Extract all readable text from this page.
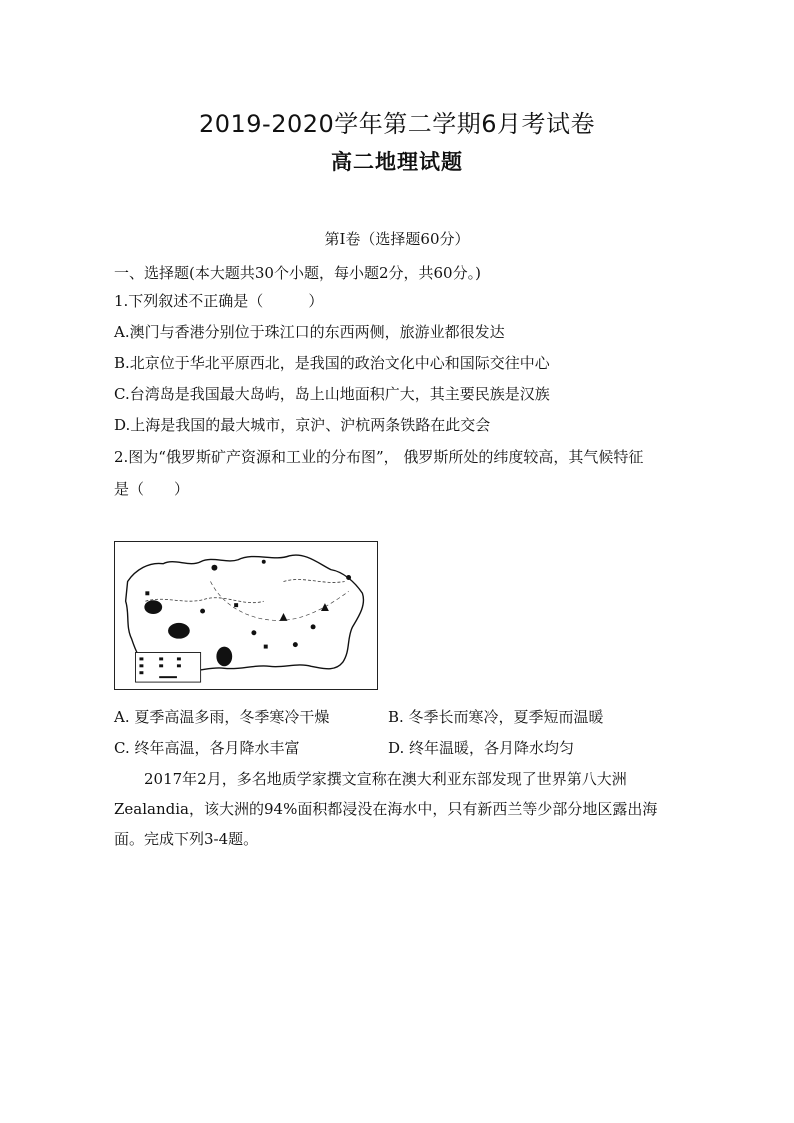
2019-2020学年第二学期6月考试卷
高二地理试题
第I卷（选择题60分）
一、选择题(本大题共30个小题，每小题2分，共60分。)
1.下列叙述不正确是（　　　）
A.澳门与香港分别位于珠江口的东西两侧，旅游业都很发达
B.北京位于华北平原西北，是我国的政治文化中心和国际交往中心
C.台湾岛是我国最大岛屿，岛上山地面积广大，其主要民族是汉族
D.上海是我国的最大城市，京沪、沪杭两条铁路在此交会
2.图为“俄罗斯矿产资源和工业的分布图”， 俄罗斯所处的纬度较高，其气候特征
是（　　）
A. 夏季高温多雨，冬季寒冷干燥	B. 冬季长而寒冷，夏季短而温暖
C. 终年高温，各月降水丰富	D. 终年温暖，各月降水均匀
2017年2月，多名地质学家撰文宣称在澳大利亚东部发现了世界第八大洲
Zealandia，该大洲的94%面积都浸没在海水中，只有新西兰等少部分地区露出海
面。完成下列3-4题。
